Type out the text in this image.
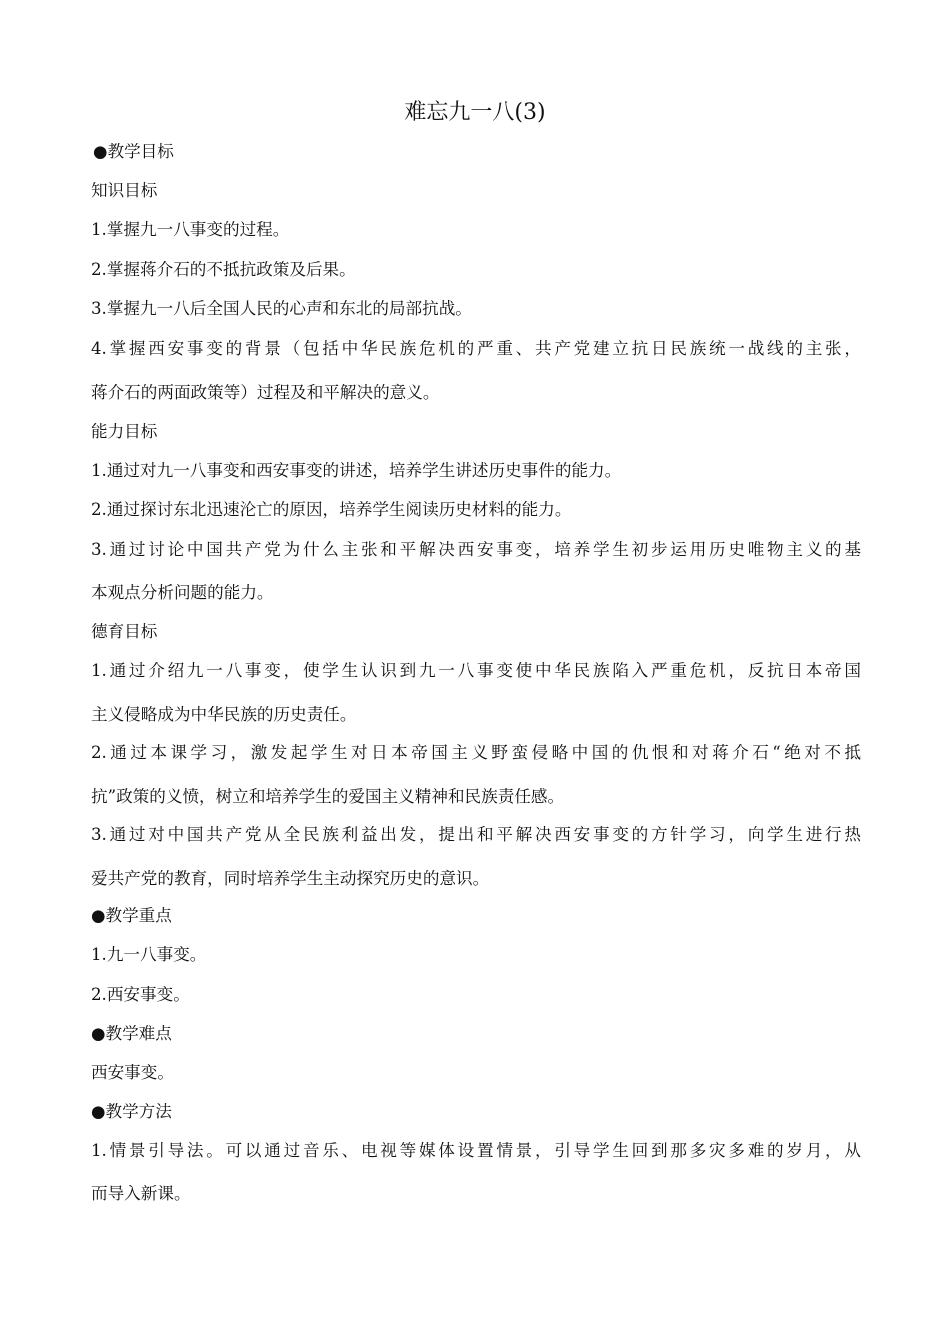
难忘九一八(3)
●教学目标
知识目标
1.掌握九一八事变的过程。
2.掌握蒋介石的不抵抗政策及后果。
3.掌握九一八后全国人民的心声和东北的局部抗战。
4.掌握西安事变的背景（包括中华民族危机的严重、共产党建立抗日民族统一战线的主张，
蒋介石的两面政策等）过程及和平解决的意义。
能力目标
1.通过对九一八事变和西安事变的讲述，培养学生讲述历史事件的能力。
2.通过探讨东北迅速沦亡的原因，培养学生阅读历史材料的能力。
3.通过讨论中国共产党为什么主张和平解决西安事变，培养学生初步运用历史唯物主义的基
本观点分析问题的能力。
德育目标
1.通过介绍九一八事变，使学生认识到九一八事变使中华民族陷入严重危机，反抗日本帝国
主义侵略成为中华民族的历史责任。
2.通过本课学习，激发起学生对日本帝国主义野蛮侵略中国的仇恨和对蒋介石“绝对不抵
抗”政策的义愤，树立和培养学生的爱国主义精神和民族责任感。
3.通过对中国共产党从全民族利益出发，提出和平解决西安事变的方针学习，向学生进行热
爱共产党的教育，同时培养学生主动探究历史的意识。
●教学重点
1.九一八事变。
2.西安事变。
●教学难点
西安事变。
●教学方法
1.情景引导法。可以通过音乐、电视等媒体设置情景，引导学生回到那多灾多难的岁月，从
而导入新课。
